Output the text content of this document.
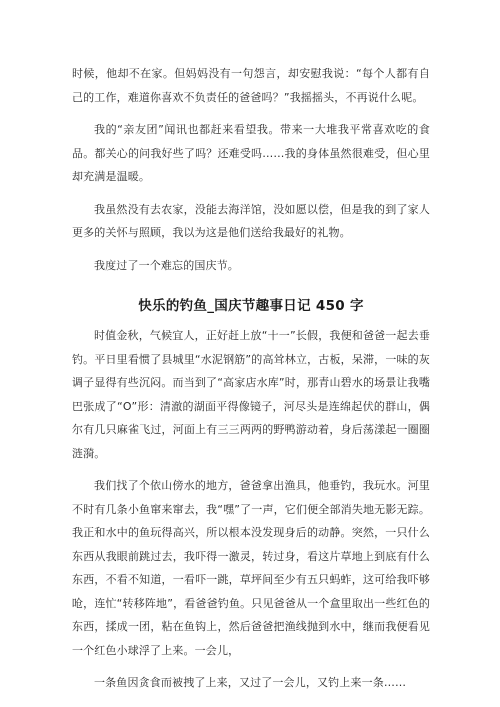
时候，他却不在家。但妈妈没有一句怨言，却安慰我说：“每个人都有自己的工作，难道你喜欢不负责任的爸爸吗？”我摇摇头，不再说什么呢。

我的“亲友团”闻讯也都赶来看望我。带来一大堆我平常喜欢吃的食品。都关心的问我好些了吗？还难受吗……我的身体虽然很难受，但心里却充满是温暖。

我虽然没有去农家，没能去海洋馆，没如愿以偿，但是我的到了家人更多的关怀与照顾，我以为这是他们送给我最好的礼物。

我度过了一个难忘的国庆节。

快乐的钓鱼_国庆节趣事日记 450 字

时值金秋，气候宜人，正好赶上放“十一”长假，我便和爸爸一起去垂钓。平日里看惯了县城里“水泥钢筋”的高耸林立，古板，呆滞，一味的灰调子显得有些沉闷。而当到了“高家店水库”时，那青山碧水的场景让我嘴巴张成了“O”形：清澈的湖面平得像镜子，河尽头是连绵起伏的群山，偶尔有几只麻雀飞过，河面上有三三两两的野鸭游动着，身后荡漾起一圈圈涟漪。

我们找了个依山傍水的地方，爸爸拿出渔具，他垂钓，我玩水。河里不时有几条小鱼窜来窜去，我“嘿”了一声，它们便全部消失地无影无踪。我正和水中的鱼玩得高兴，所以根本没发现身后的动静。突然，一只什么东西从我眼前跳过去，我吓得一激灵，转过身，看这片草地上到底有什么东西，不看不知道，一看吓一跳，草坪间至少有五只蚂蚱，这可给我吓够呛，连忙“转移阵地”，看爸爸钓鱼。只见爸爸从一个盒里取出一些红色的东西，揉成一团，粘在鱼钩上，然后爸爸把渔线抛到水中，继而我便看见一个红色小球浮了上来。一会儿，

一条鱼因贪食而被拽了上来，又过了一会儿，又钓上来一条……
